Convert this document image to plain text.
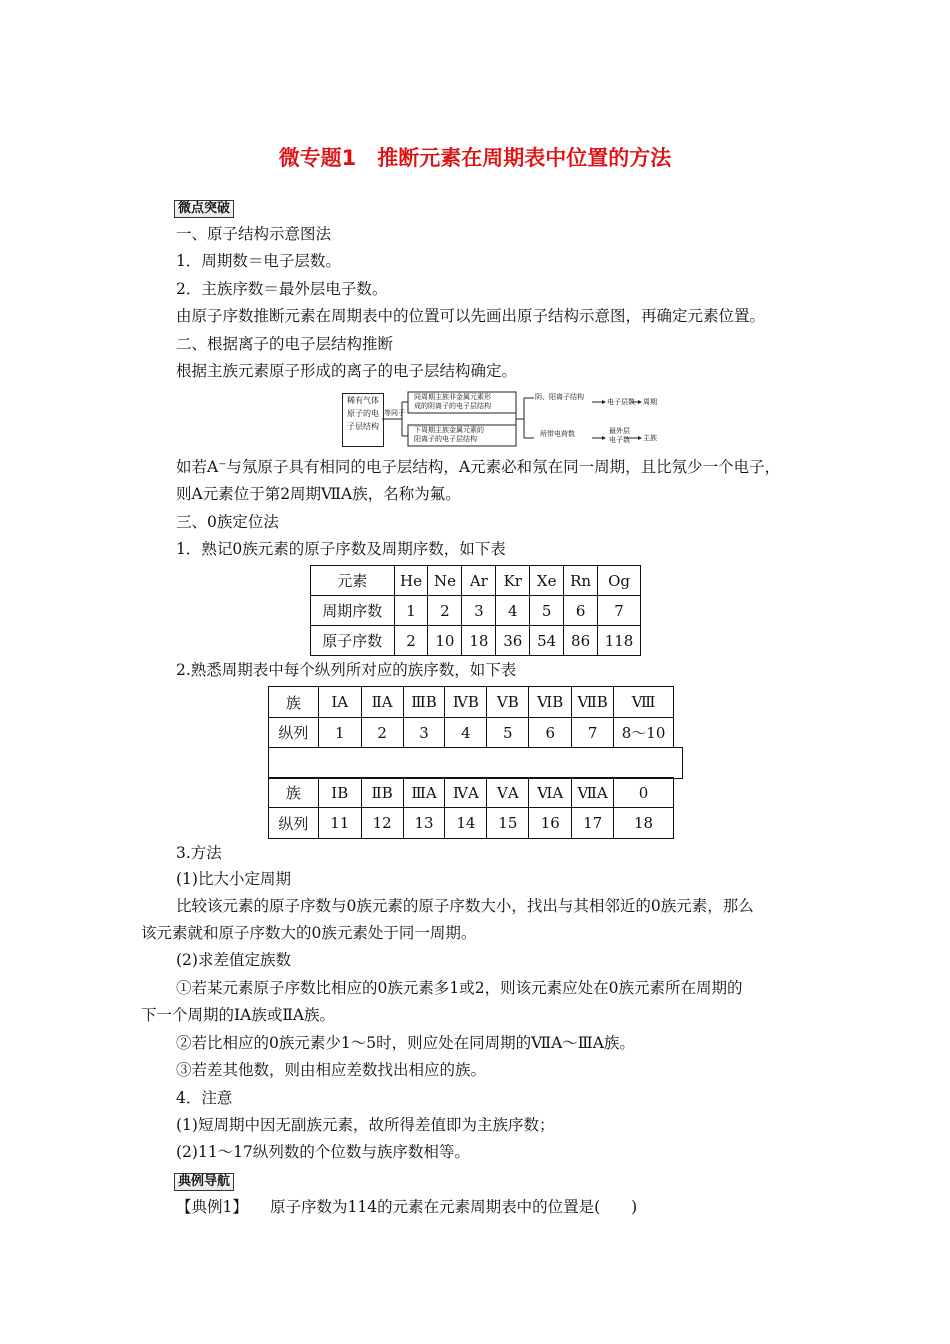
微专题1　推断元素在周期表中位置的方法
微点突破
一、原子结构示意图法
1．周期数＝电子层数。
2．主族序数＝最外层电子数。
由原子序数推断元素在周期表中的位置可以先画出原子结构示意图，再确定元素位置。
二、根据离子的电子层结构推断
根据主族元素原子形成的离子的电子层结构确定。
稀有气体
原子的电
子层结构
等同于
同周期主族非金属元素形
成的阴离子的电子层结构
下周期主族金属元素的
阳离子的电子层结构
阴、阳离子结构
电子层数 周期
所带电荷数	最外层
电子数 主族
如若A⁻与氖原子具有相同的电子层结构，A元素必和氖在同一周期，且比氖少一个电子，
则A元素位于第2周期ⅦA族，名称为氟。
三、0族定位法
1．熟记0族元素的原子序数及周期序数，如下表
元素	He	Ne	Ar	Kr	Xe	Rn	Og
周期序数	1	2	3	4	5	6	7
原子序数	2	10	18	36	54	86	118
2.熟悉周期表中每个纵列所对应的族序数，如下表
族	ⅠA	ⅡA	ⅢB	ⅣB	ⅤB	ⅥB	ⅦB	Ⅷ
纵列	1	2	3	4	5	6	7	8～10
族	ⅠB	ⅡB	ⅢA	ⅣA	ⅤA	ⅥA	ⅦA	0
纵列	11	12	13	14	15	16	17	18
3.方法
(1)比大小定周期
比较该元素的原子序数与0族元素的原子序数大小，找出与其相邻近的0族元素，那么
该元素就和原子序数大的0族元素处于同一周期。
(2)求差值定族数
①若某元素原子序数比相应的0族元素多1或2，则该元素应处在0族元素所在周期的
下一个周期的ⅠA族或ⅡA族。
②若比相应的0族元素少1～5时，则应处在同周期的ⅦA～ⅢA族。
③若差其他数，则由相应差数找出相应的族。
4．注意
(1)短周期中因无副族元素，故所得差值即为主族序数；
(2)11～17纵列数的个位数与族序数相等。
典例导航
【典例1】 原子序数为114的元素在元素周期表中的位置是(　　)
